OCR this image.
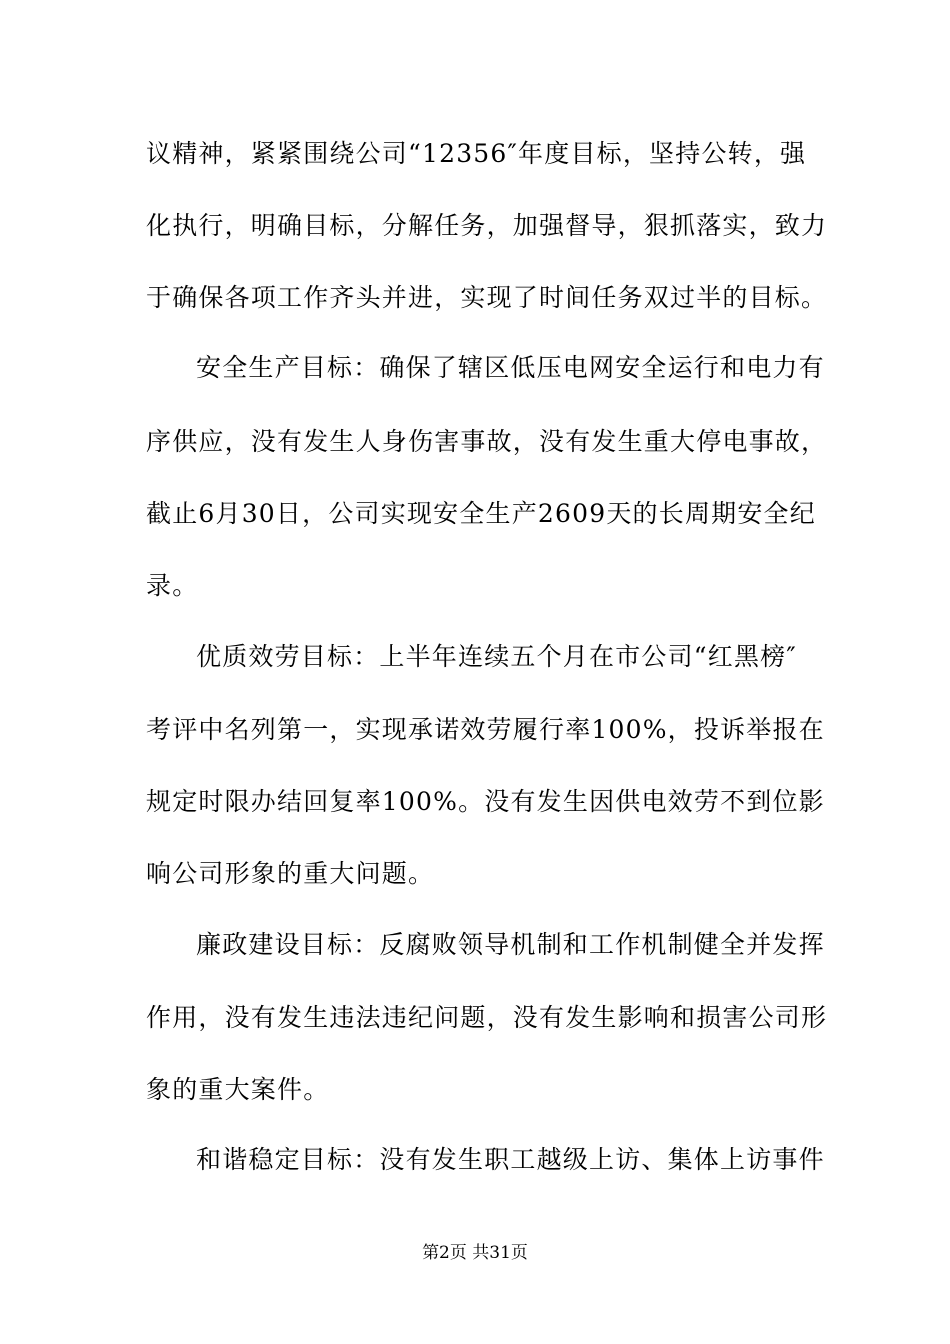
议精神，紧紧围绕公司“12356″年度目标，坚持公转，强
化执行，明确目标，分解任务，加强督导，狠抓落实，致力
于确保各项工作齐头并进，实现了时间任务双过半的目标。
安全生产目标：确保了辖区低压电网安全运行和电力有
序供应，没有发生人身伤害事故，没有发生重大停电事故，
截止6月30日，公司实现安全生产2609天的长周期安全纪
录。
优质效劳目标：上半年连续五个月在市公司“红黑榜″
考评中名列第一，实现承诺效劳履行率100%，投诉举报在
规定时限办结回复率100%。没有发生因供电效劳不到位影
响公司形象的重大问题。
廉政建设目标：反腐败领导机制和工作机制健全并发挥
作用，没有发生违法违纪问题，没有发生影响和损害公司形
象的重大案件。
和谐稳定目标：没有发生职工越级上访、集体上访事件
第2页 共31页
